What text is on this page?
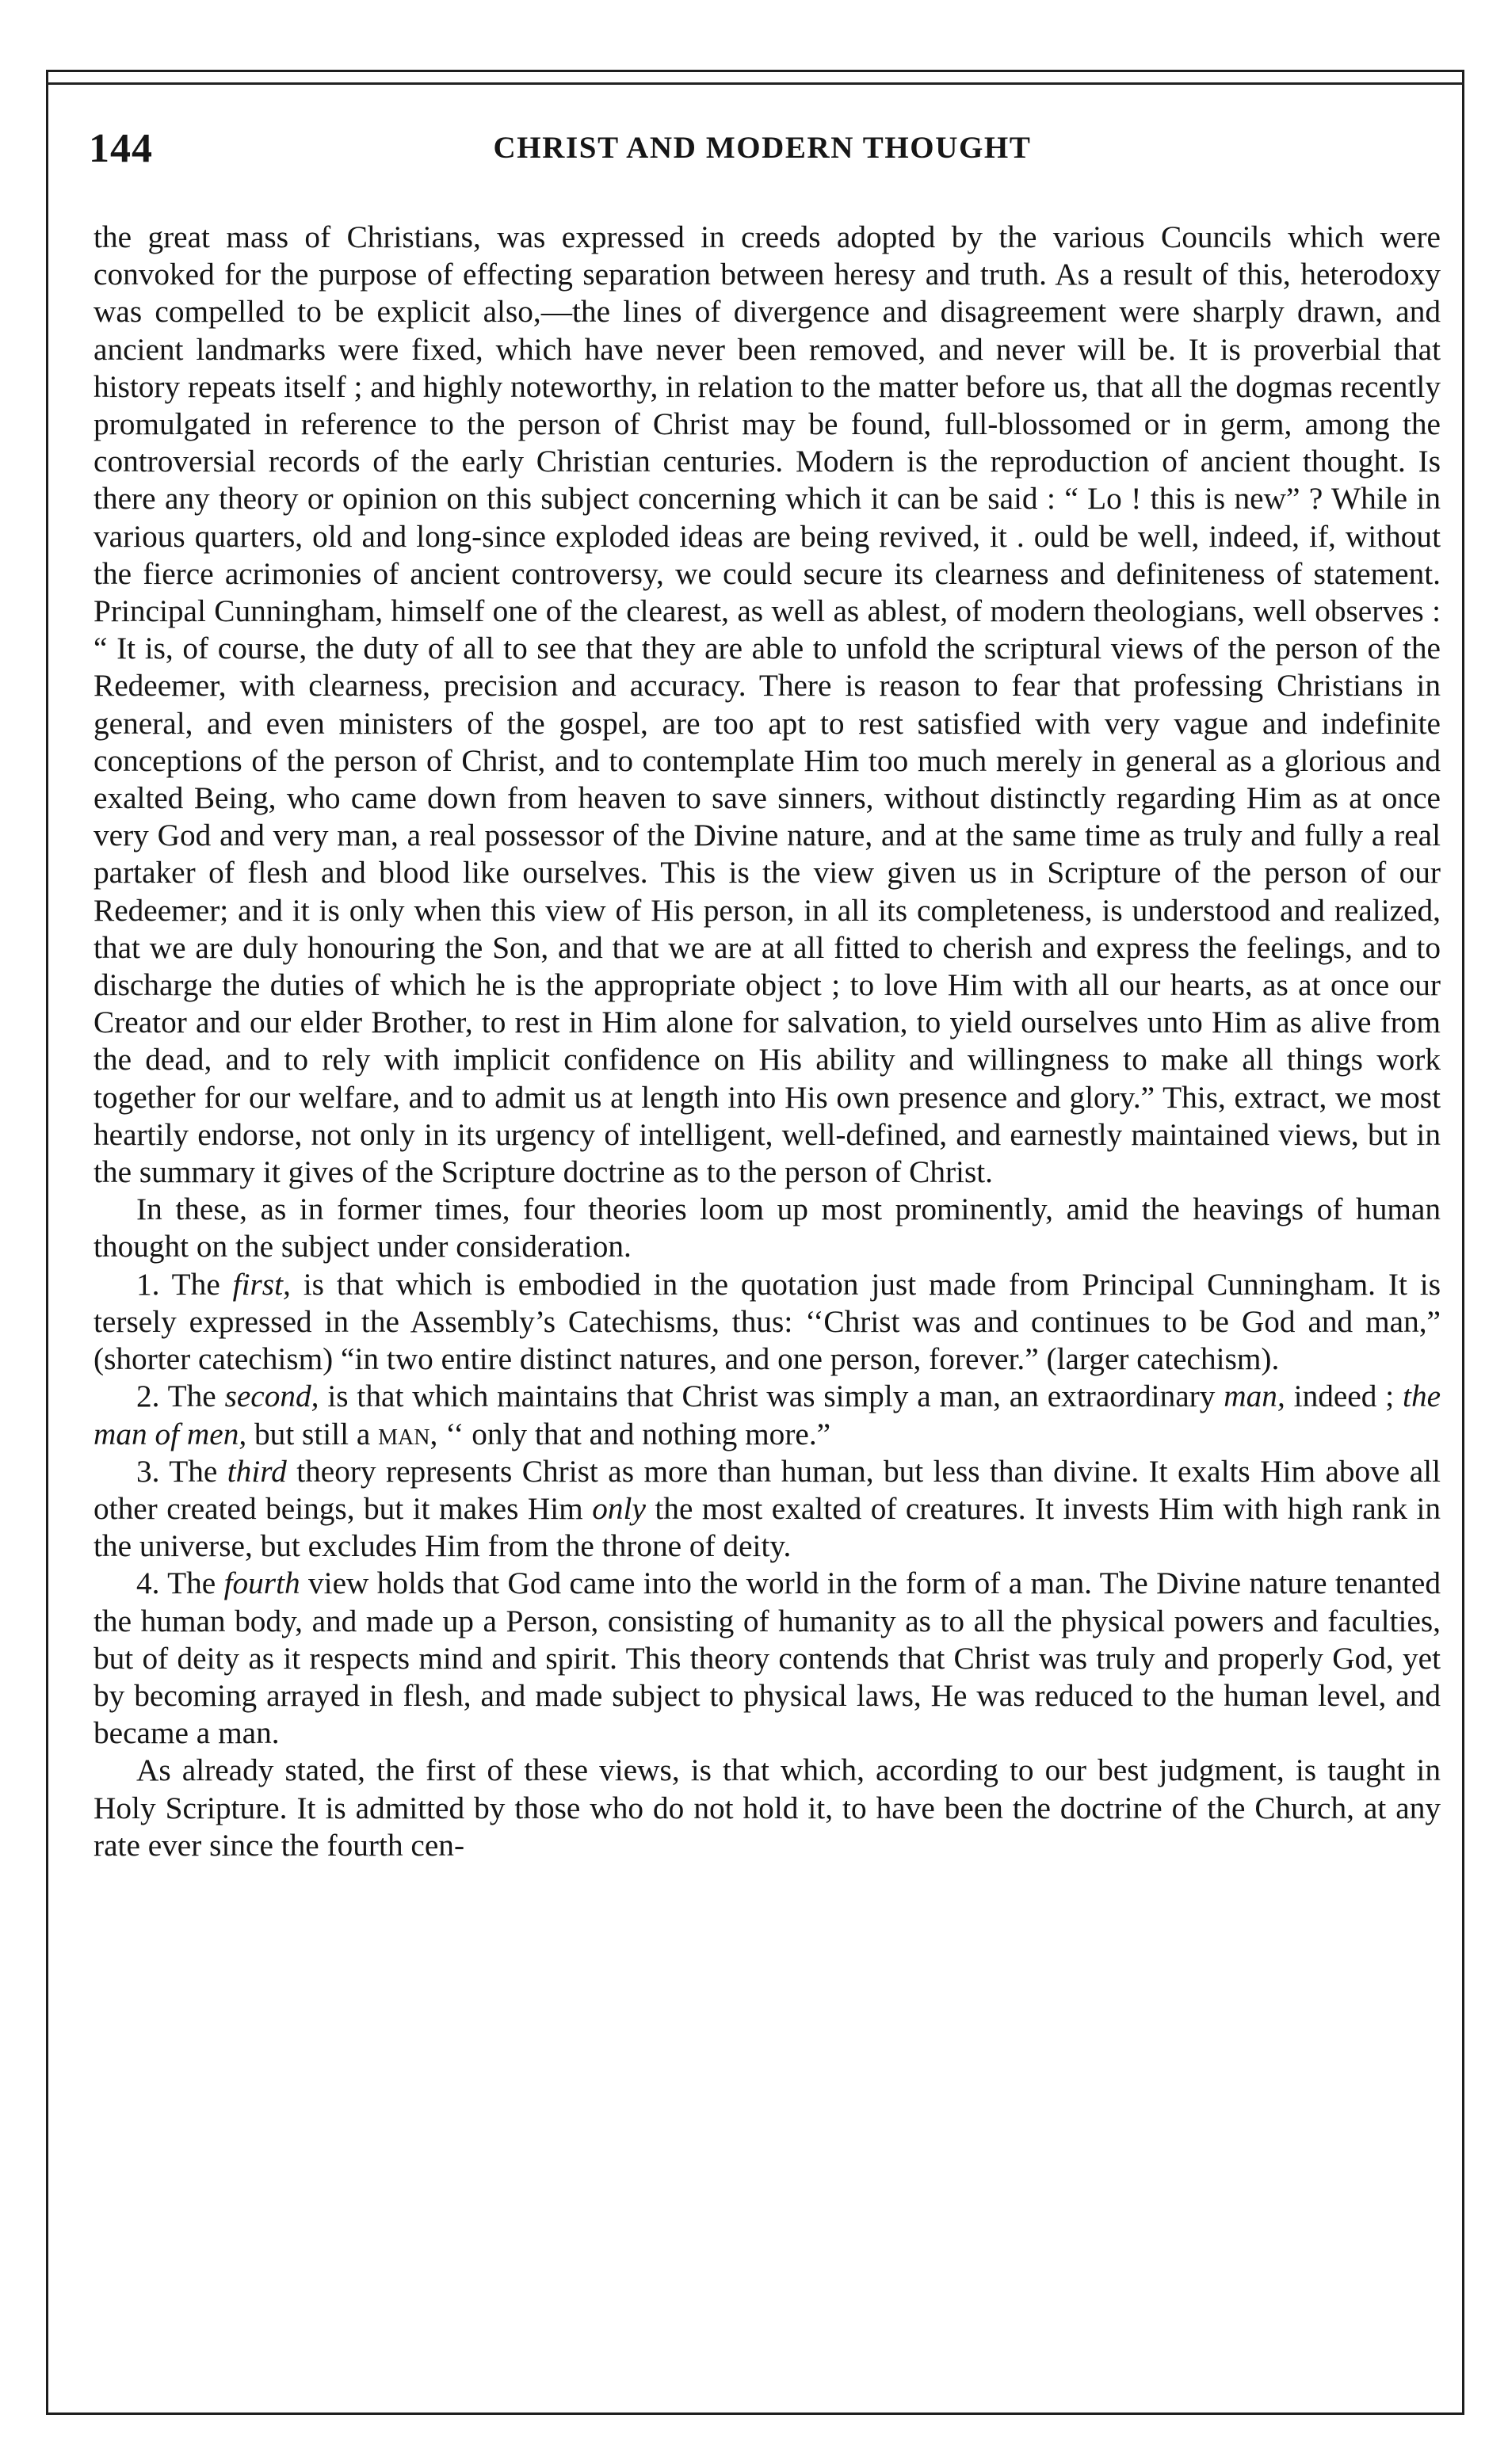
144	CHRIST AND MODERN THOUGHT

the great mass of Christians, was expressed in creeds adopted by the various Councils which were convoked for the purpose of effecting separation between heresy and truth. As a result of this, heterodoxy was compelled to be explicit also,—the lines of divergence and disagreement were sharply drawn, and ancient landmarks were fixed, which have never been removed, and never will be. It is proverbial that history repeats itself ; and highly noteworthy, in relation to the matter before us, that all the dogmas recently promulgated in reference to the person of Christ may be found, full-blossomed or in germ, among the controversial records of the early Christian centuries. Modern is the reproduction of ancient thought. Is there any theory or opinion on this subject concerning which it can be said : “ Lo ! this is new” ? While in various quarters, old and long-since exploded ideas are being revived, it . ould be well, indeed, if, without the fierce acrimonies of ancient controversy, we could secure its clearness and definiteness of statement. Principal Cunningham, himself one of the clearest, as well as ablest, of modern theologians, well observes : “ It is, of course, the duty of all to see that they are able to unfold the scriptural views of the person of the Redeemer, with clearness, precision and accuracy. There is reason to fear that professing Christians in general, and even ministers of the gospel, are too apt to rest satisfied with very vague and indefinite conceptions of the person of Christ, and to contemplate Him too much merely in general as a glorious and exalted Being, who came down from heaven to save sinners, without distinctly regarding Him as at once very God and very man, a real possessor of the Divine nature, and at the same time as truly and fully a real partaker of flesh and blood like ourselves. This is the view given us in Scripture of the person of our Redeemer; and it is only when this view of His person, in all its completeness, is understood and realized, that we are duly honouring the Son, and that we are at all fitted to cherish and express the feelings, and to discharge the duties of which he is the appropriate object ; to love Him with all our hearts, as at once our Creator and our elder Brother, to rest in Him alone for salvation, to yield ourselves unto Him as alive from the dead, and to rely with implicit confidence on His ability and willingness to make all things work together for our welfare, and to admit us at length into His own presence and glory.” This, extract, we most heartily endorse, not only in its urgency of intelligent, well-defined, and earnestly maintained views, but in the summary it gives of the Scripture doctrine as to the person of Christ.

In these, as in former times, four theories loom up most prominently, amid the heavings of human thought on the subject under consideration.

1. The first, is that which is embodied in the quotation just made from Principal Cunningham. It is tersely expressed in the Assembly’s Catechisms, thus: ‘‘Christ was and continues to be God and man,” (shorter catechism) “in two entire distinct natures, and one person, forever.” (larger catechism).

2. The second, is that which maintains that Christ was simply a man, an extraordinary man, indeed ; the man of men, but still a man, ‘‘ only that and nothing more.”

3. The third theory represents Christ as more than human, but less than divine. It exalts Him above all other created beings, but it makes Him only the most exalted of creatures. It invests Him with high rank in the universe, but excludes Him from the throne of deity.

4. The fourth view holds that God came into the world in the form of a man. The Divine nature tenanted the human body, and made up a Person, consisting of humanity as to all the physical powers and faculties, but of deity as it respects mind and spirit. This theory contends that Christ was truly and properly God, yet by becoming arrayed in flesh, and made subject to physical laws, He was reduced to the human level, and became a man.

As already stated, the first of these views, is that which, according to our best judgment, is taught in Holy Scripture. It is admitted by those who do not hold it, to have been the doctrine of the Church, at any rate ever since the fourth cen-
